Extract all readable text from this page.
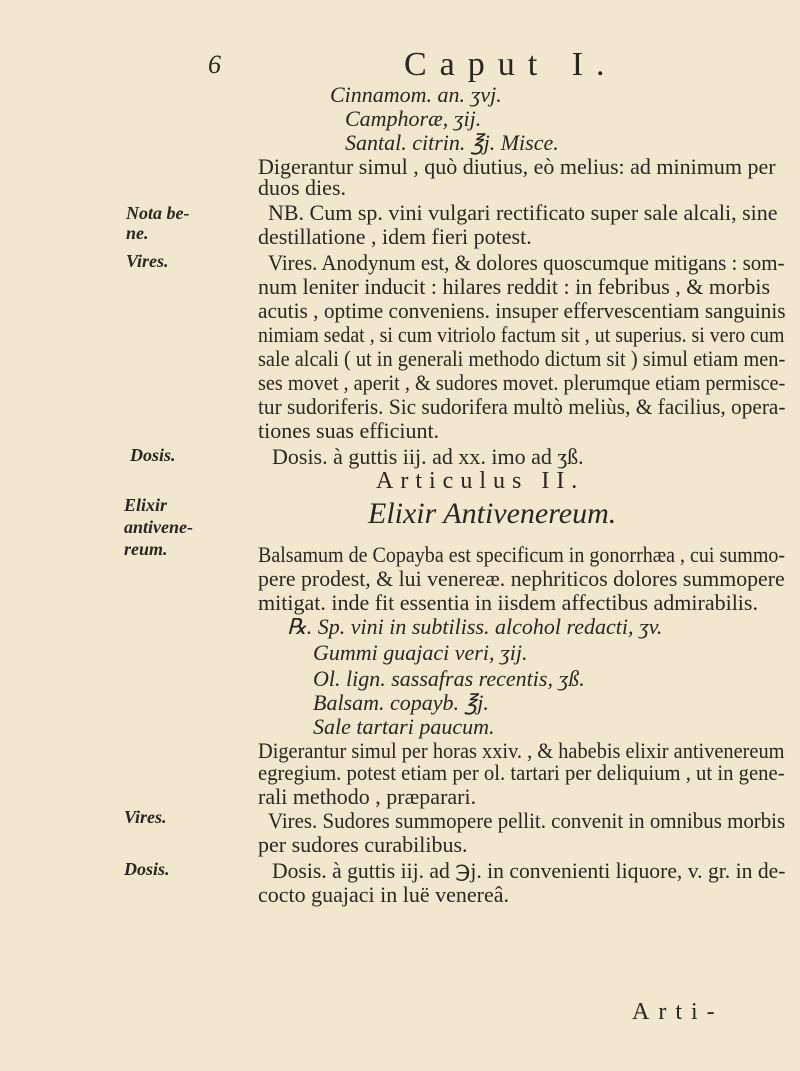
6	Caput I.
Cinnamom. an. ʒvj.
Camphoræ, ʒij.
Santal. citrin. ℥j. Misce.
Digerantur simul , quò diutius, eò melius: ad minimum per
duos dies.
NB. Cum sp. vini vulgari rectificato super sale alcali, sine
destillatione , idem fieri potest.
Vires. Anodynum est, & dolores quoscumque mitigans : som-
num leniter inducit : hilares reddit : in febribus , & morbis
acutis , optime conveniens. insuper effervescentiam sanguinis
nimiam sedat , si cum vitriolo factum sit , ut superius. si vero cum
sale alcali ( ut in generali methodo dictum sit ) simul etiam men-
ses movet , aperit , & sudores movet. plerumque etiam permisce-
tur sudoriferis. Sic sudorifera multò meliùs, & facilius, opera-
tiones suas efficiunt.
Dosis. à guttis iij. ad xx. imo ad ʒß.
Articulus II.
Elixir Antivenereum.
Balsamum de Copayba est specificum in gonorrhæa , cui summo-
pere prodest, & lui venereæ. nephriticos dolores summopere
mitigat. inde fit essentia in iisdem affectibus admirabilis.
℞. Sp. vini in subtiliss. alcohol redacti, ʒv.
Gummi guajaci veri, ʒij.
Ol. lign. sassafras recentis, ʒß.
Balsam. copayb. ℥j.
Sale tartari paucum.
Digerantur simul per horas xxiv. , & habebis elixir antivenereum
egregium. potest etiam per ol. tartari per deliquium , ut in gene-
rali methodo , præparari.
Vires. Sudores summopere pellit. convenit in omnibus morbis
per sudores curabilibus.
Dosis. à guttis iij. ad ℈j. in convenienti liquore, v. gr. in de-
cocto guajaci in luë venereâ.
Nota be-
ne.
Vires.
Dosis.
Elixir
antivene-
reum.
Vires.
Dosis.
Arti-
